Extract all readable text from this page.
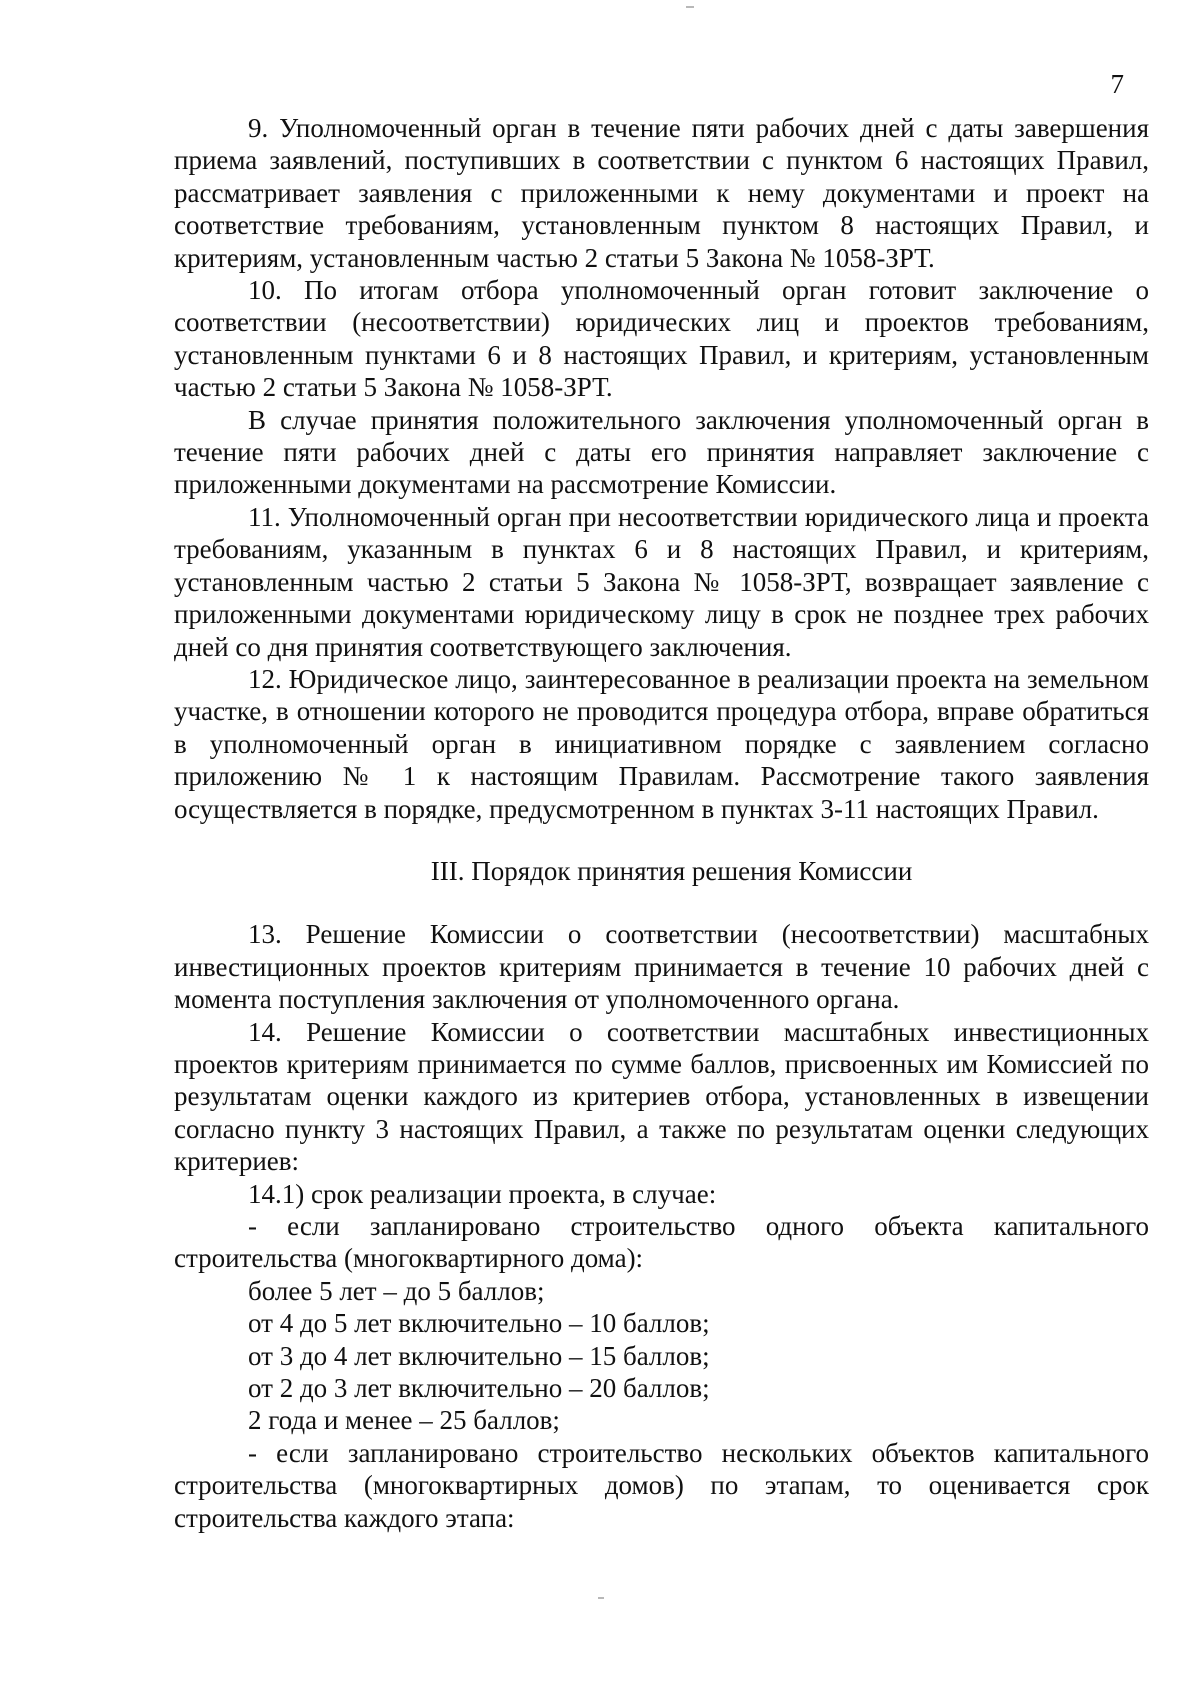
7

9. Уполномоченный орган в течение пяти рабочих дней с даты завершения приема заявлений, поступивших в соответствии с пунктом 6 настоящих Правил, рассматривает заявления с приложенными к нему документами и проект на соответствие требованиям, установленным пунктом 8 настоящих Правил, и критериям, установленным частью 2 статьи 5 Закона № 1058-ЗРТ.

10. По итогам отбора уполномоченный орган готовит заключение о соответствии (несоответствии) юридических лиц и проектов требованиям, установленным пунктами 6 и 8 настоящих Правил, и критериям, установленным частью 2 статьи 5 Закона № 1058-ЗРТ.

В случае принятия положительного заключения уполномоченный орган в течение пяти рабочих дней с даты его принятия направляет заключение с приложенными документами на рассмотрение Комиссии.

11. Уполномоченный орган при несоответствии юридического лица и проекта требованиям, указанным в пунктах 6 и 8 настоящих Правил, и критериям, установленным частью 2 статьи 5 Закона № 1058-ЗРТ, возвращает заявление с приложенными документами юридическому лицу в срок не позднее трех рабочих дней со дня принятия соответствующего заключения.

12. Юридическое лицо, заинтересованное в реализации проекта на земельном участке, в отношении которого не проводится процедура отбора, вправе обратиться в уполномоченный орган в инициативном порядке с заявлением согласно приложению № 1 к настоящим Правилам. Рассмотрение такого заявления осуществляется в порядке, предусмотренном в пунктах 3-11 настоящих Правил.

III. Порядок принятия решения Комиссии

13. Решение Комиссии о соответствии (несоответствии) масштабных инвестиционных проектов критериям принимается в течение 10 рабочих дней с момента поступления заключения от уполномоченного органа.

14. Решение Комиссии о соответствии масштабных инвестиционных проектов критериям принимается по сумме баллов, присвоенных им Комиссией по результатам оценки каждого из критериев отбора, установленных в извещении согласно пункту 3 настоящих Правил, а также по результатам оценки следующих критериев:

14.1) срок реализации проекта, в случае:

- если запланировано строительство одного объекта капитального строительства (многоквартирного дома):

более 5 лет – до 5 баллов;

от 4 до 5 лет включительно – 10 баллов;

от 3 до 4 лет включительно – 15 баллов;

от 2 до 3 лет включительно – 20 баллов;

2 года и менее – 25 баллов;

- если запланировано строительство нескольких объектов капитального строительства (многоквартирных домов) по этапам, то оценивается срок строительства каждого этапа:
